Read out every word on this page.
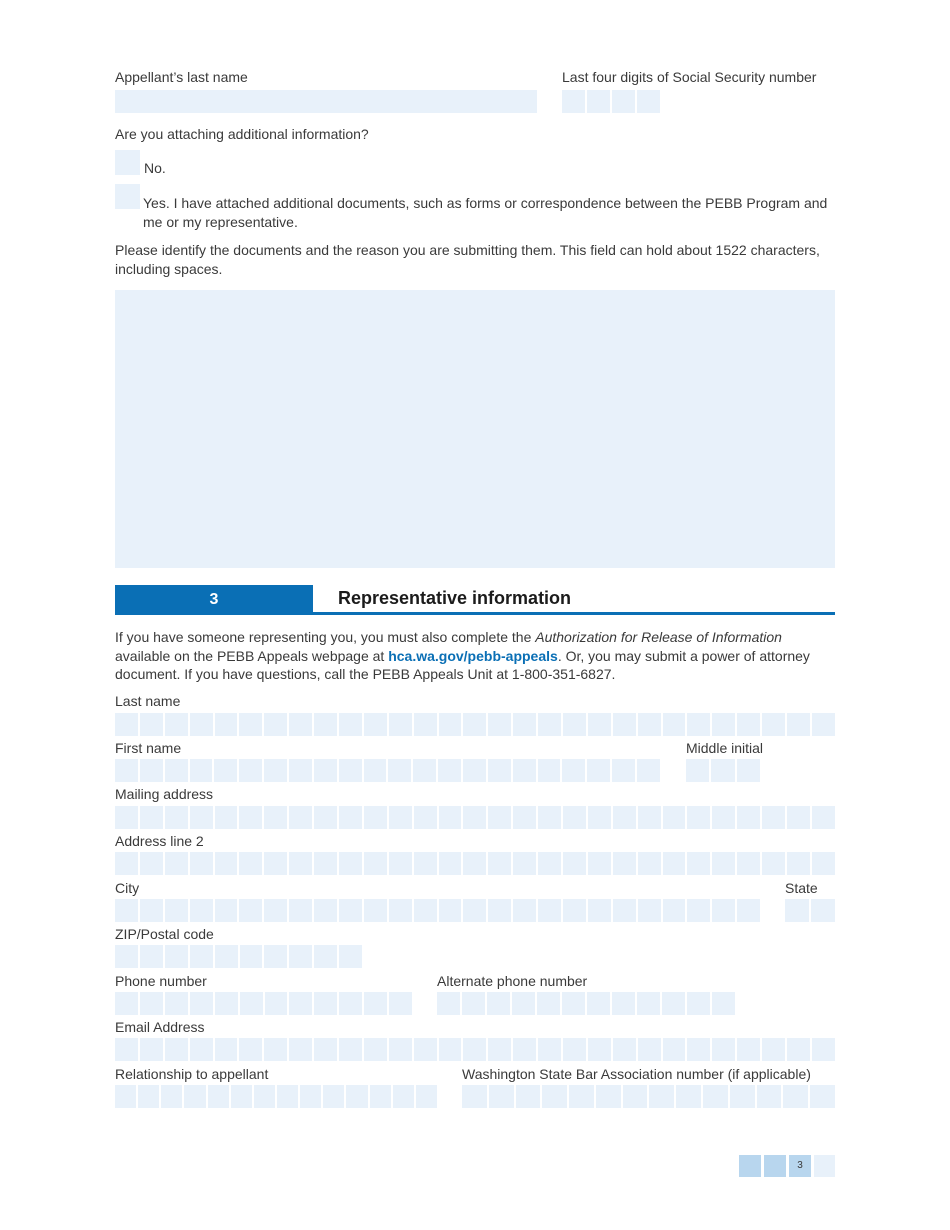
Appellant’s last name	Last four digits of Social Security number
Are you attaching additional information?
No.
Yes. I have attached additional documents, such as forms or correspondence between the PEBB Program and me or my representative.
Please identify the documents and the reason you are submitting them. This field can hold about 1522 characters, including spaces.
3	Representative information
If you have someone representing you, you must also complete the Authorization for Release of Information available on the PEBB Appeals webpage at hca.wa.gov/pebb-appeals. Or, you may submit a power of attorney document. If you have questions, call the PEBB Appeals Unit at 1-800-351-6827.
Last name
First name	Middle initial
Mailing address
Address line 2
City	State
ZIP/Postal code
Phone number	Alternate phone number
Email Address
Relationship to appellant	Washington State Bar Association number (if applicable)
3
